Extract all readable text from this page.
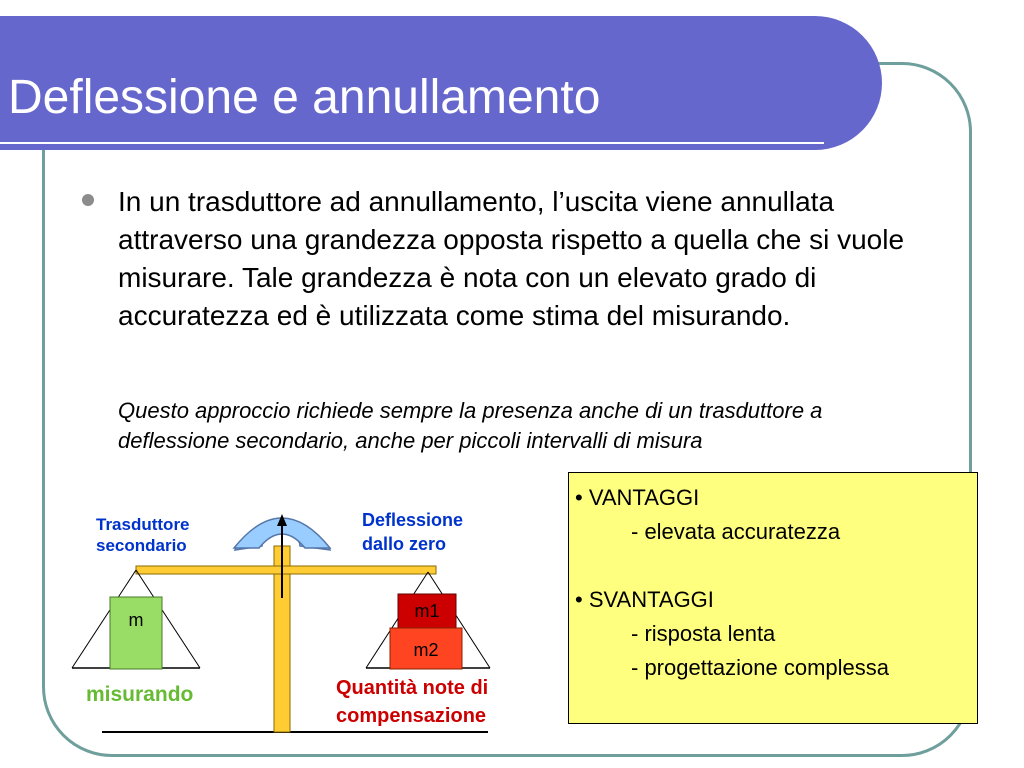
Deflessione e annullamento

In un trasduttore ad annullamento, l’uscita viene annullata attraverso una grandezza opposta rispetto a quella che si vuole misurare. Tale grandezza è nota con un elevato grado di accuratezza ed è utilizzata come stima del misurando.

Questo approccio richiede sempre la presenza anche di un trasduttore a deflessione secondario, anche per piccoli intervalli di misura

m	m1
m2
Trasduttore
secondario
Deflessione
dallo zero
misurando	Quantità note di
compensazione
• VANTAGGI
- elevata accuratezza
• SVANTAGGI
- risposta lenta
- progettazione complessa
